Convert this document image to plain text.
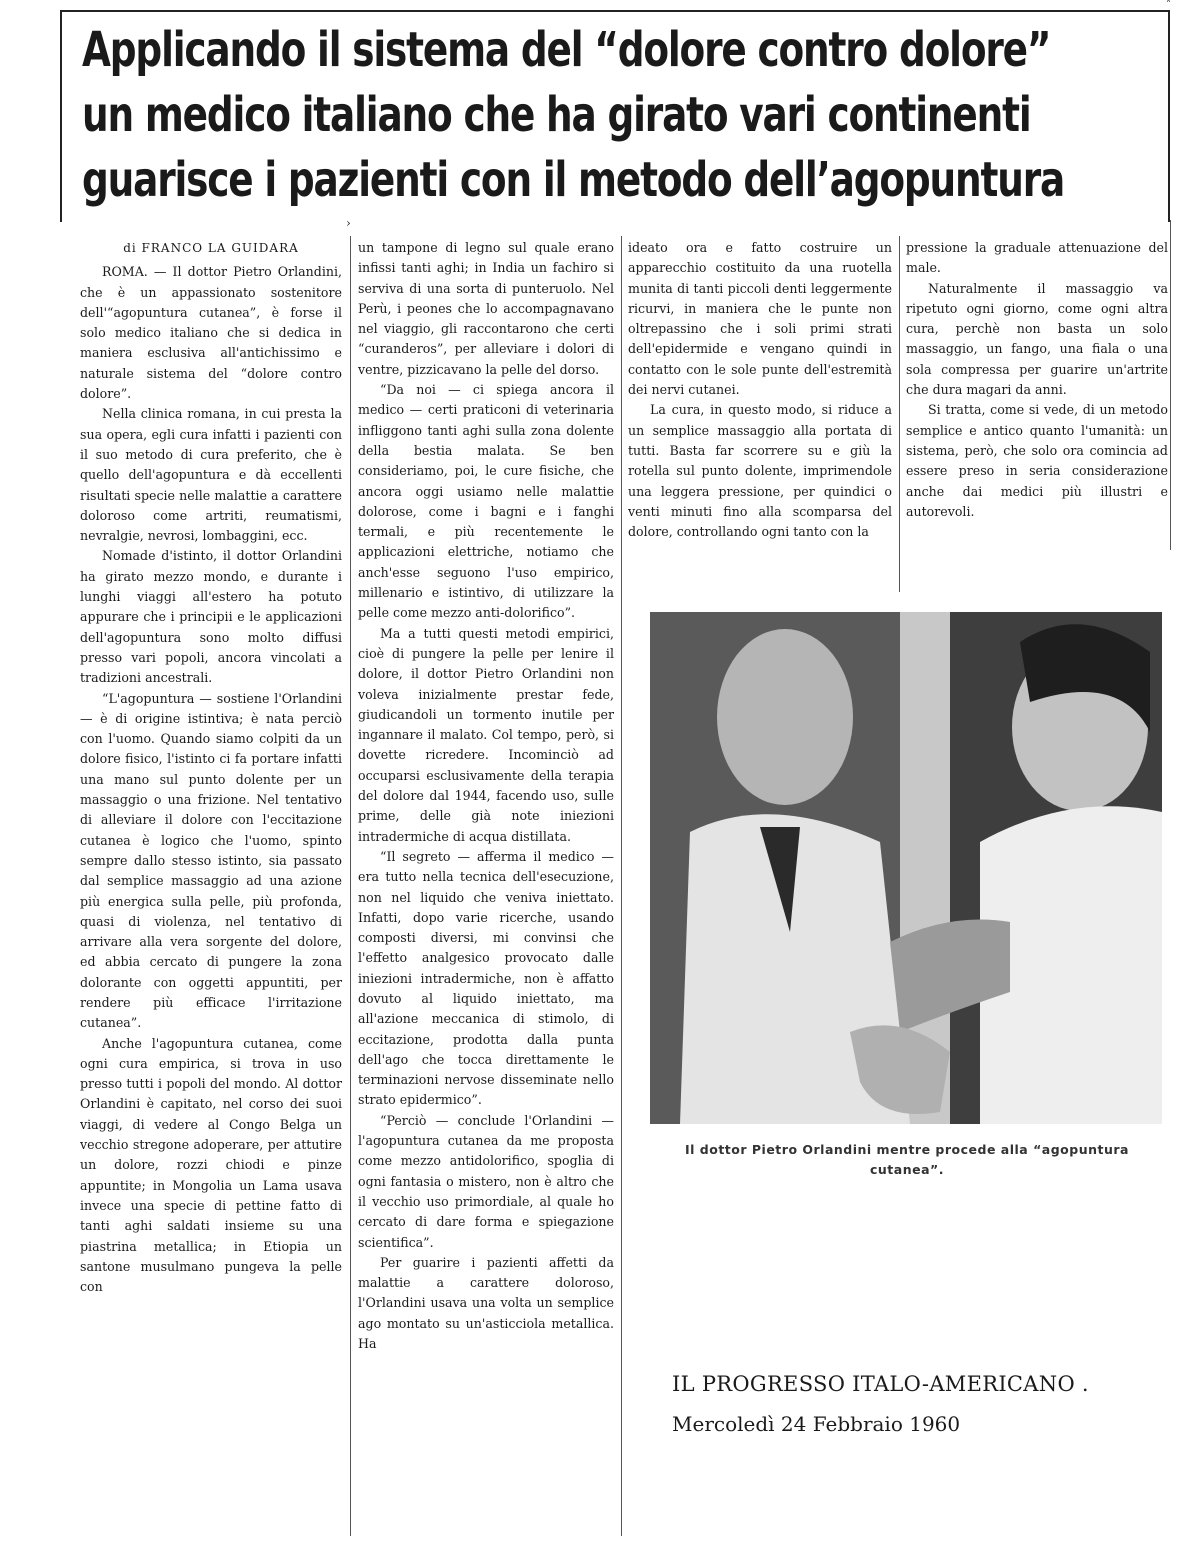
Applicando il sistema del “dolore contro dolore”
un medico italiano che ha girato vari continenti
guarisce i pazienti con il metodo dell’agopuntura
›
˄

di FRANCO LA GUIDARA

ROMA. — Il dottor Pietro Orlandini, che è un appassionato sostenitore dell'“agopuntura cutanea”, è forse il solo medico italiano che si dedica in maniera esclusiva all'antichissimo e naturale sistema del “dolore contro dolore”.

Nella clinica romana, in cui presta la sua opera, egli cura infatti i pazienti con il suo metodo di cura preferito, che è quello dell'agopuntura e dà eccellenti risultati specie nelle malattie a carattere doloroso come artriti, reumatismi, nevralgie, nevrosi, lombaggini, ecc.

Nomade d'istinto, il dottor Orlandini ha girato mezzo mondo, e durante i lunghi viaggi all'estero ha potuto appurare che i principii e le applicazioni dell'agopuntura sono molto diffusi presso vari popoli, ancora vincolati a tradizioni ancestrali.

“L'agopuntura — sostiene l'Orlandini — è di origine istintiva; è nata perciò con l'uomo. Quando siamo colpiti da un dolore fisico, l'istinto ci fa portare infatti una mano sul punto dolente per un massaggio o una frizione. Nel tentativo di alleviare il dolore con l'eccitazione cutanea è logico che l'uomo, spinto sempre dallo stesso istinto, sia passato dal semplice massaggio ad una azione più energica sulla pelle, più profonda, quasi di violenza, nel tentativo di arrivare alla vera sorgente del dolore, ed abbia cercato di pungere la zona dolorante con oggetti appuntiti, per rendere più efficace l'irritazione cutanea”.

Anche l'agopuntura cutanea, come ogni cura empirica, si trova in uso presso tutti i popoli del mondo. Al dottor Orlandini è capitato, nel corso dei suoi viaggi, di vedere al Congo Belga un vecchio stregone adoperare, per attutire un dolore, rozzi chiodi e pinze appuntite; in Mongolia un Lama usava invece una specie di pettine fatto di tanti aghi saldati insieme su una piastrina metallica; in Etiopia un santone musulmano pungeva la pelle con

un tampone di legno sul quale erano infissi tanti aghi; in India un fachiro si serviva di una sorta di punteruolo. Nel Perù, i peones che lo accompagnavano nel viaggio, gli raccontarono che certi “curanderos”, per alleviare i dolori di ventre, pizzicavano la pelle del dorso.

“Da noi — ci spiega ancora il medico — certi praticoni di veterinaria infliggono tanti aghi sulla zona dolente della bestia malata. Se ben consideriamo, poi, le cure fisiche, che ancora oggi usiamo nelle malattie dolorose, come i bagni e i fanghi termali, e più recentemente le applicazioni elettriche, notiamo che anch'esse seguono l'uso empirico, millenario e istintivo, di utilizzare la pelle come mezzo anti-dolorifico”.

Ma a tutti questi metodi empirici, cioè di pungere la pelle per lenire il dolore, il dottor Pietro Orlandini non voleva inizialmente prestar fede, giudicandoli un tormento inutile per ingannare il malato. Col tempo, però, si dovette ricredere. Incominciò ad occuparsi esclusivamente della terapia del dolore dal 1944, facendo uso, sulle prime, delle già note iniezioni intradermiche di acqua distillata.

“Il segreto — afferma il medico — era tutto nella tecnica dell'esecuzione, non nel liquido che veniva iniettato. Infatti, dopo varie ricerche, usando composti diversi, mi convinsi che l'effetto analgesico provocato dalle iniezioni intradermiche, non è affatto dovuto al liquido iniettato, ma all'azione meccanica di stimolo, di eccitazione, prodotta dalla punta dell'ago che tocca direttamente le terminazioni nervose disseminate nello strato epidermico”.

“Perciò — conclude l'Orlandini — l'agopuntura cutanea da me proposta come mezzo antidolorifico, spoglia di ogni fantasia o mistero, non è altro che il vecchio uso primordiale, al quale ho cercato di dare forma e spiegazione scientifica”.

Per guarire i pazienti affetti da malattie a carattere doloroso, l'Orlandini usava una volta un semplice ago montato su un'asticciola metallica. Ha

ideato ora e fatto costruire un apparecchio costituito da una ruotella munita di tanti piccoli denti leggermente ricurvi, in maniera che le punte non oltrepassino che i soli primi strati dell'epidermide e vengano quindi in contatto con le sole punte dell'estremità dei nervi cutanei.

La cura, in questo modo, si riduce a un semplice massaggio alla portata di tutti. Basta far scorrere su e giù la rotella sul punto dolente, imprimendole una leggera pressione, per quindici o venti minuti fino alla scomparsa del dolore, controllando ogni tanto con la

pressione la graduale attenuazione del male.

Naturalmente il massaggio va ripetuto ogni giorno, come ogni altra cura, perchè non basta un solo massaggio, un fango, una fiala o una sola compressa per guarire un'artrite che dura magari da anni.

Si tratta, come si vede, di un metodo semplice e antico quanto l'umanità: un sistema, però, che solo ora comincia ad essere preso in seria considerazione anche dai medici più illustri e autorevoli.

Il dottor Pietro Orlandini mentre procede alla “agopuntura cutanea”.
IL PROGRESSO ITALO-AMERICANO .
Mercoledì 24 Febbraio 1960
